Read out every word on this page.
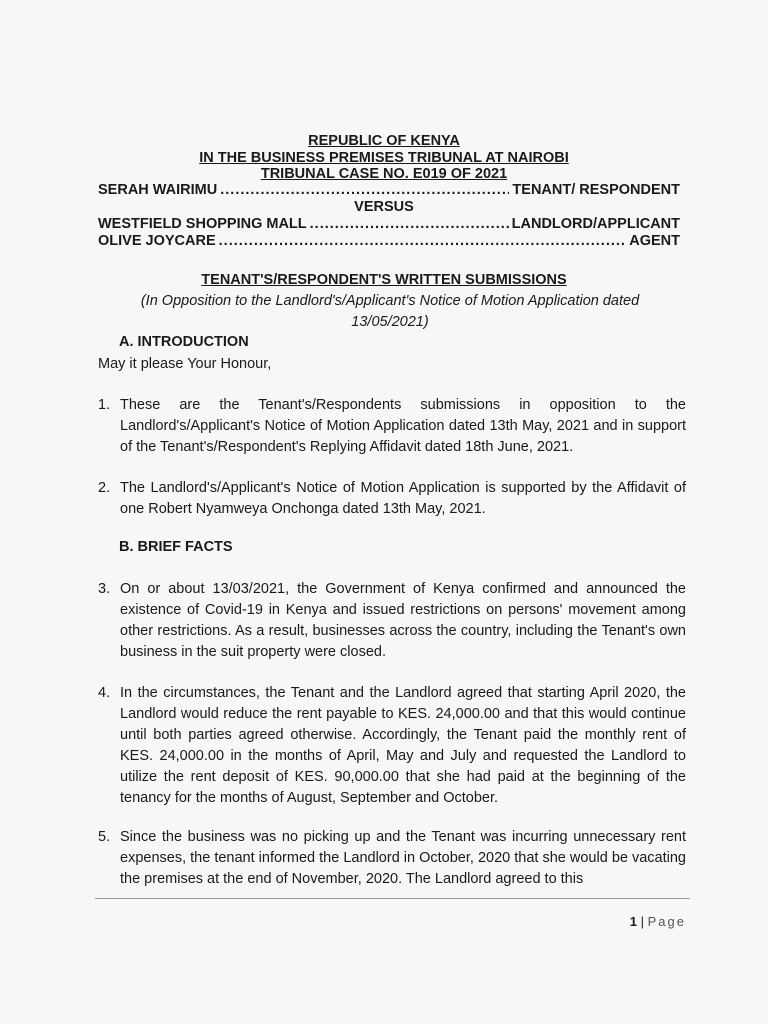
REPUBLIC OF KENYA
IN THE BUSINESS PREMISES TRIBUNAL AT NAIROBI
TRIBUNAL CASE NO. E019 OF 2021
SERAH WAIRIMU .....	TENANT/ RESPONDENT
VERSUS
WESTFIELD SHOPPING MALL .....	LANDLORD/APPLICANT
OLIVE JOYCARE .....	AGENT
TENANT'S/RESPONDENT'S WRITTEN SUBMISSIONS
(In Opposition to the Landlord's/Applicant's Notice of Motion Application dated
13/05/2021)
A. INTRODUCTION
May it please Your Honour,
1. These are the Tenant's/Respondents submissions in opposition to the Landlord's/Applicant's Notice of Motion Application dated 13th May, 2021 and in support of the Tenant's/Respondent's Replying Affidavit dated 18th June, 2021.
2. The Landlord's/Applicant's Notice of Motion Application is supported by the Affidavit of one Robert Nyamweya Onchonga dated 13th May, 2021.
B. BRIEF FACTS
3. On or about 13/03/2021, the Government of Kenya confirmed and announced the existence of Covid-19 in Kenya and issued restrictions on persons' movement among other restrictions. As a result, businesses across the country, including the Tenant's own business in the suit property were closed.
4. In the circumstances, the Tenant and the Landlord agreed that starting April 2020, the Landlord would reduce the rent payable to KES. 24,000.00 and that this would continue until both parties agreed otherwise. Accordingly, the Tenant paid the monthly rent of KES. 24,000.00 in the months of April, May and July and requested the Landlord to utilize the rent deposit of KES. 90,000.00 that she had paid at the beginning of the tenancy for the months of August, September and October.
5. Since the business was no picking up and the Tenant was incurring unnecessary rent expenses, the tenant informed the Landlord in October, 2020 that she would be vacating the premises at the end of November, 2020. The Landlord agreed to this
1 | Page
